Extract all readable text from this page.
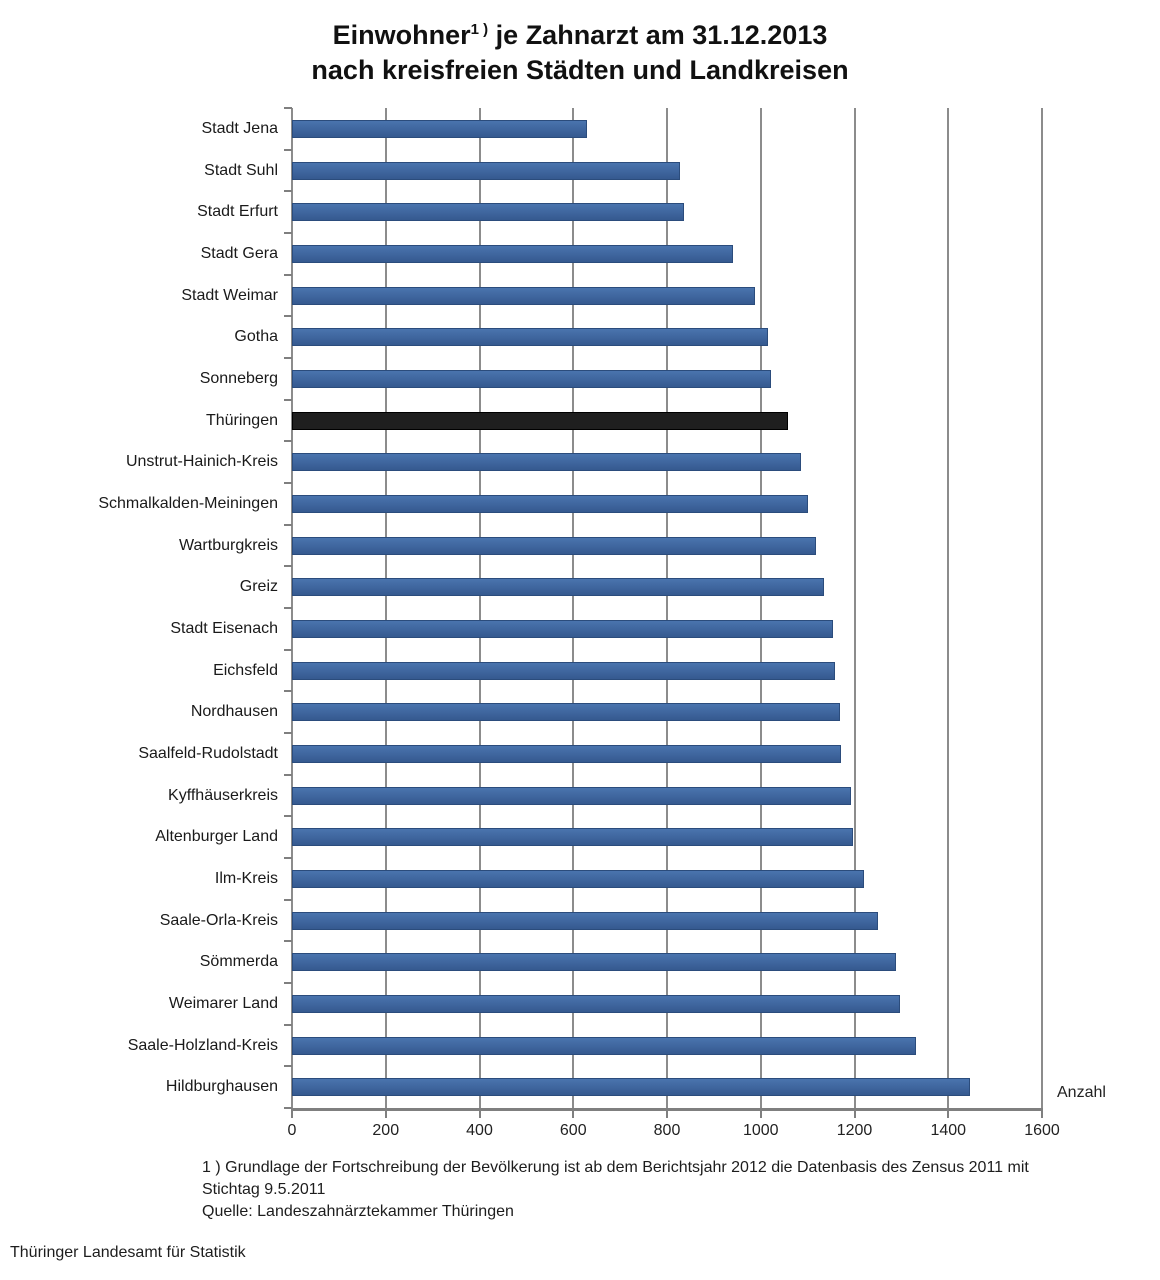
Einwohner$^{1 )}$ je Zahnarzt am 31.12.2013
nach kreisfreien Städten und Landkreisen
Stadt Jena
Stadt Suhl
Stadt Erfurt
Stadt Gera
Stadt Weimar
Gotha
Sonneberg
Thüringen
Unstrut-Hainich-Kreis
Schmalkalden-Meiningen
Wartburgkreis
Greiz
Stadt Eisenach
Eichsfeld
Nordhausen
Saalfeld-Rudolstadt
Kyffhäuserkreis
Altenburger Land
Ilm-Kreis
Saale-Orla-Kreis
Sömmerda
Weimarer Land
Saale-Holzland-Kreis
Hildburghausen
0	200	400	600	800	1000	1200	1400	1600
Anzahl
1 ) Grundlage der Fortschreibung der Bevölkerung ist ab dem Berichtsjahr 2012 die Datenbasis des Zensus 2011 mit
Stichtag 9.5.2011
Quelle: Landeszahnärztekammer Thüringen
Thüringer Landesamt für Statistik
